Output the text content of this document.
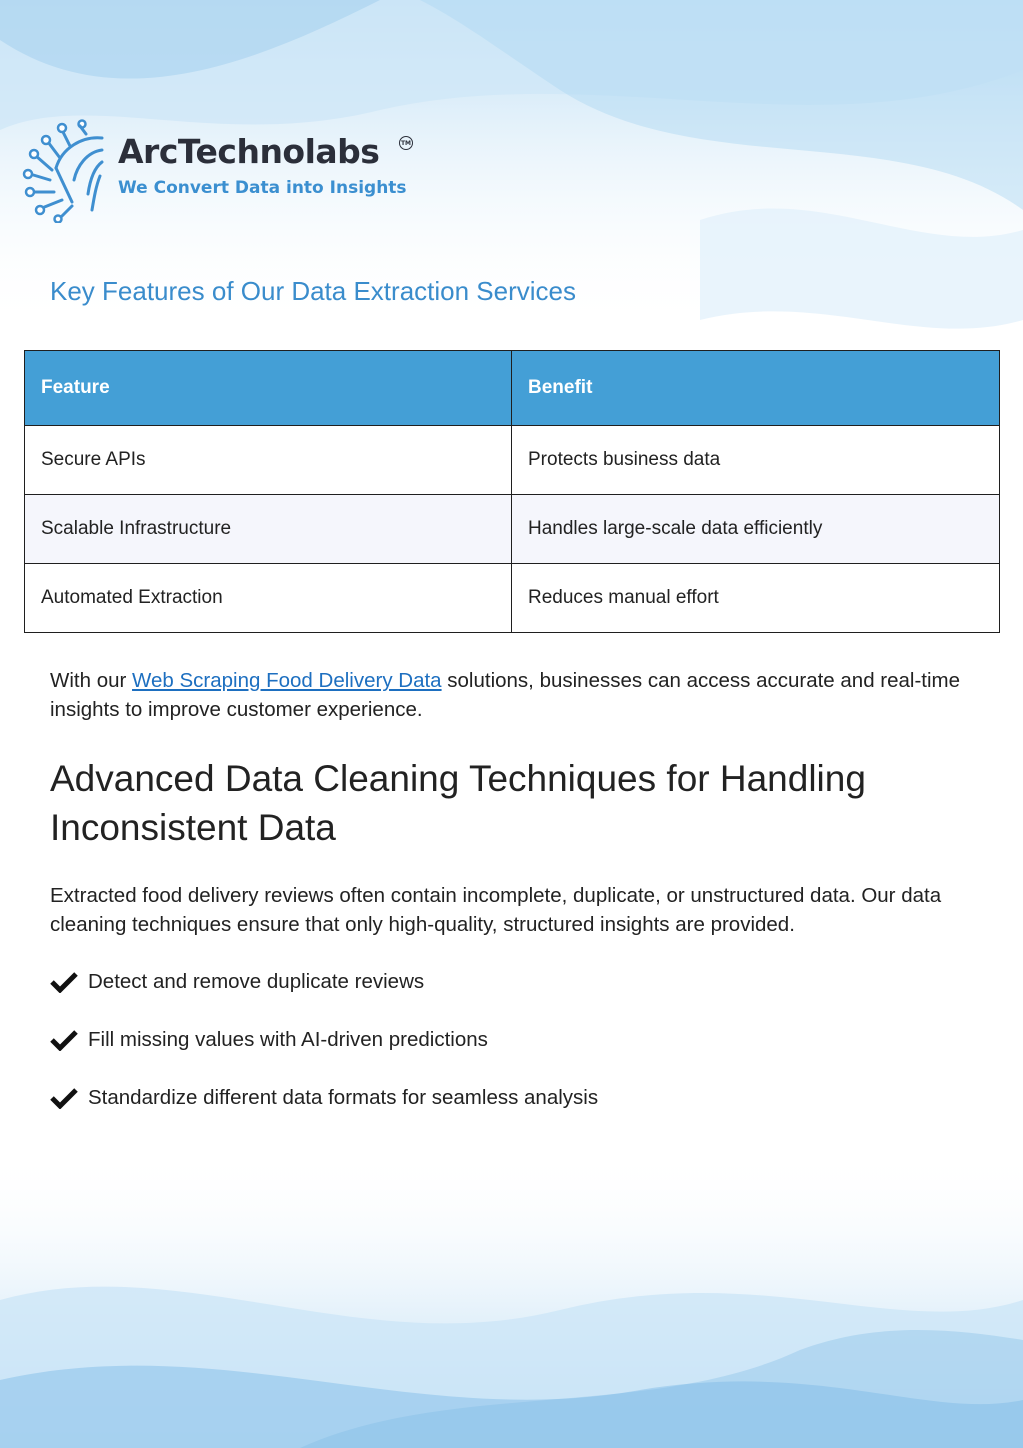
ArcTechnolabs	TM
We Convert Data into Insights
Key Features of Our Data Extraction Services
Feature	Benefit
Secure APIs	Protects business data
Scalable Infrastructure	Handles large-scale data efficiently
Automated Extraction	Reduces manual effort
With our Web Scraping Food Delivery Data solutions, businesses can access accurate and real-time insights to improve customer experience.
Advanced Data Cleaning Techniques for Handling Inconsistent Data
Extracted food delivery reviews often contain incomplete, duplicate, or unstructured data. Our data cleaning techniques ensure that only high-quality, structured insights are provided.
Detect and remove duplicate reviews
Fill missing values with AI-driven predictions
Standardize different data formats for seamless analysis
